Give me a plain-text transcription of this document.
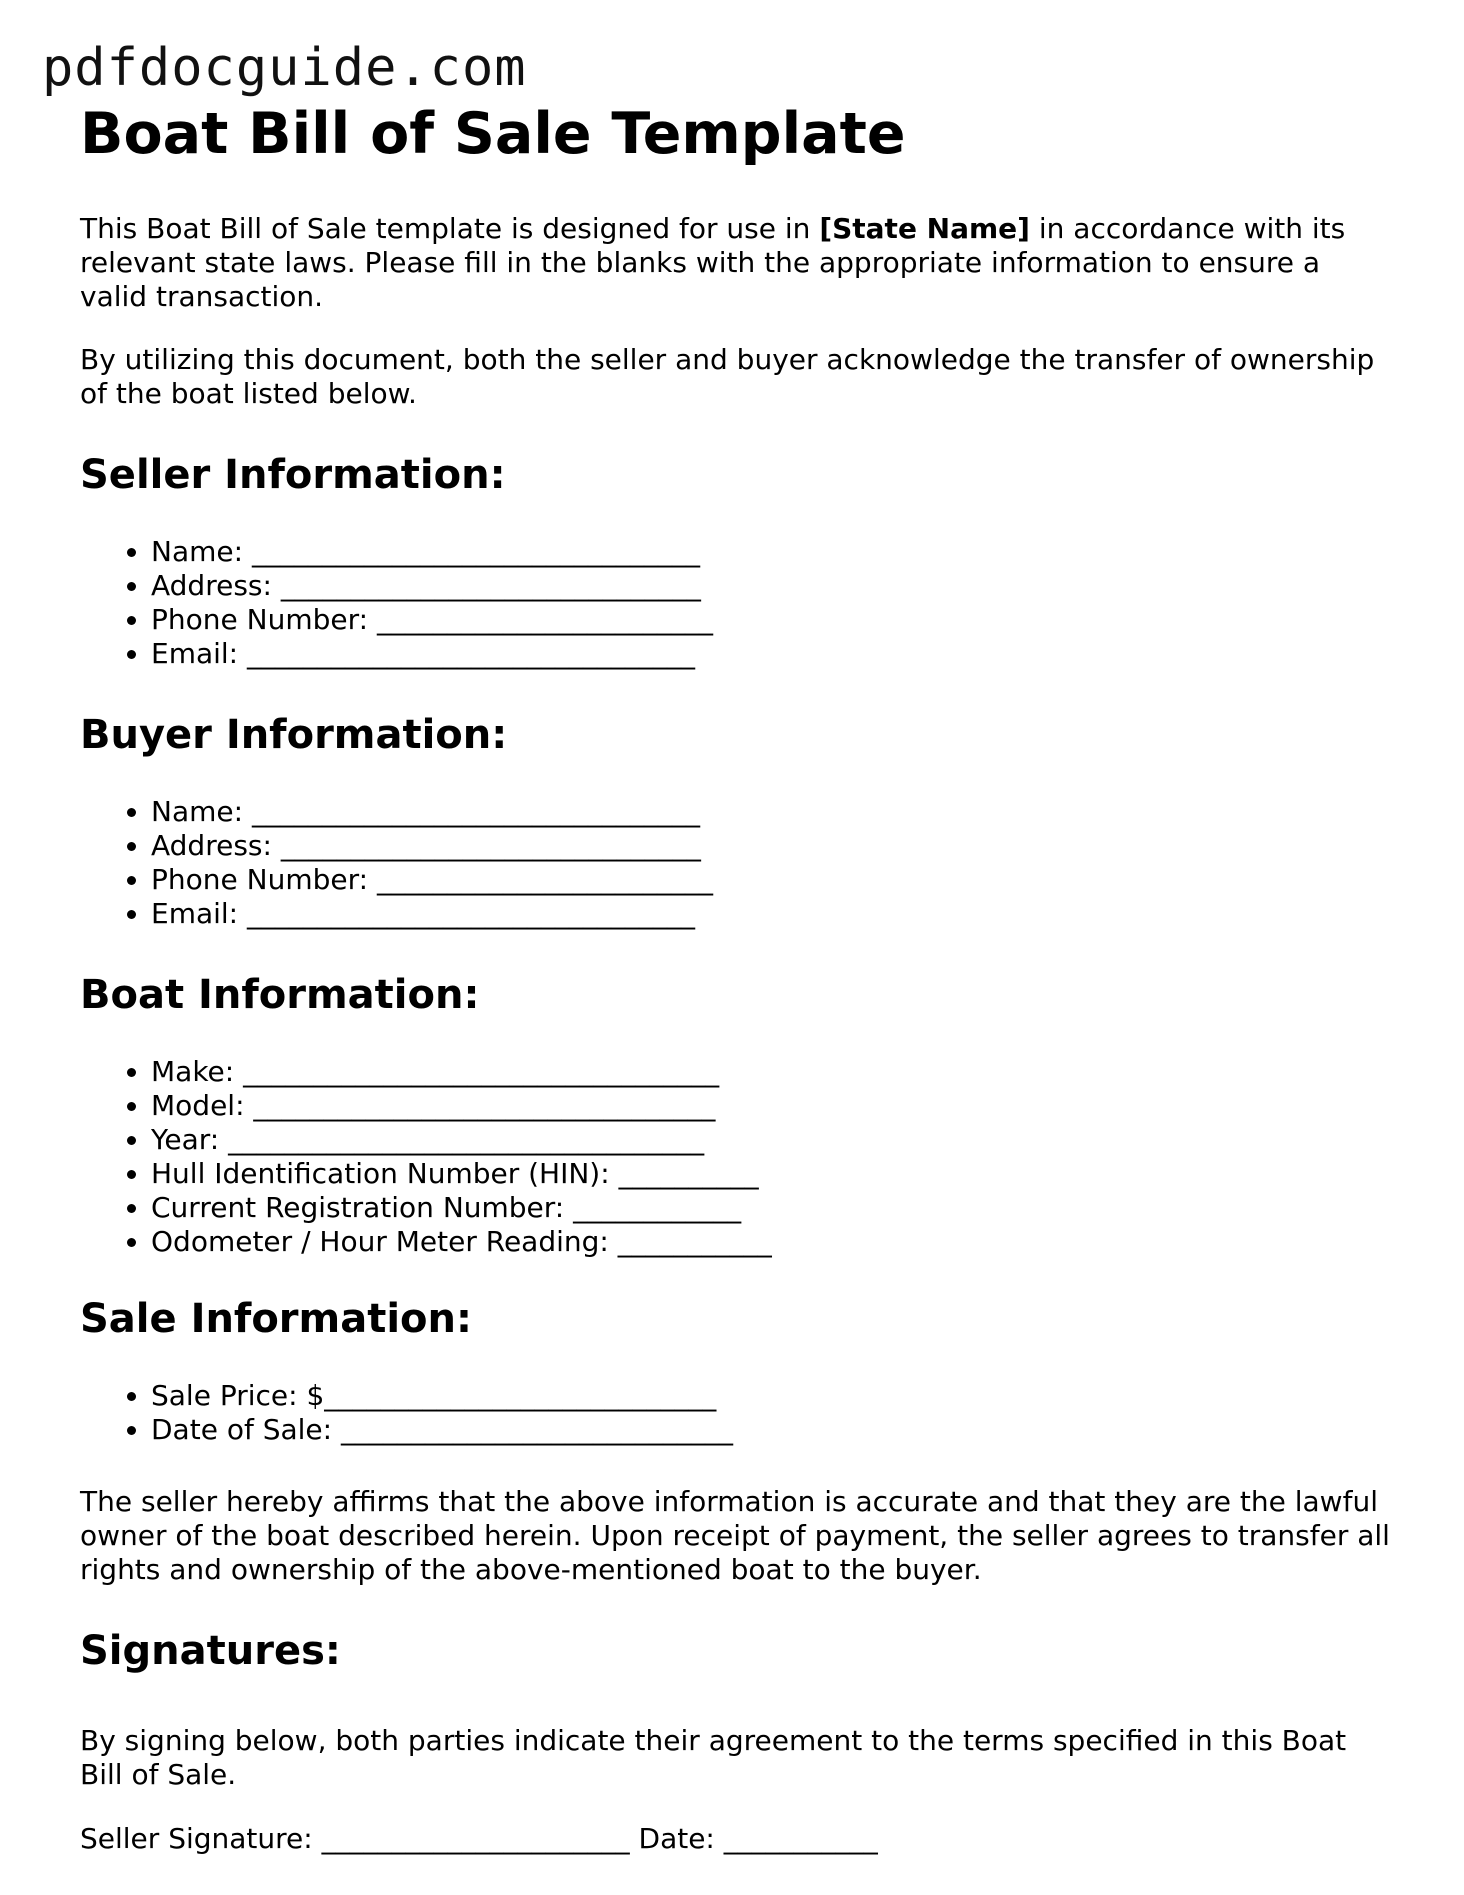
pdfdocguide.com
Boat Bill of Sale Template

This Boat Bill of Sale template is designed for use in [State Name] in accordance with its relevant state laws. Please fill in the blanks with the appropriate information to ensure a valid transaction.

By utilizing this document, both the seller and buyer acknowledge the transfer of ownership of the boat listed below.

Seller Information:
• Name: ________________________________
• Address: ______________________________
• Phone Number: ________________________
• Email: ________________________________
Buyer Information:
• Name: ________________________________
• Address: ______________________________
• Phone Number: ________________________
• Email: ________________________________
Boat Information:
• Make: __________________________________
• Model: _________________________________
• Year: __________________________________
• Hull Identification Number (HIN): __________
• Current Registration Number: ____________
• Odometer / Hour Meter Reading: ___________
Sale Information:
• Sale Price: $____________________________
• Date of Sale: ____________________________

The seller hereby affirms that the above information is accurate and that they are the lawful owner of the boat described herein. Upon receipt of payment, the seller agrees to transfer all rights and ownership of the above-mentioned boat to the buyer.

Signatures:

By signing below, both parties indicate their agreement to the terms specified in this Boat Bill of Sale.

Seller Signature: ______________________ Date: ___________
